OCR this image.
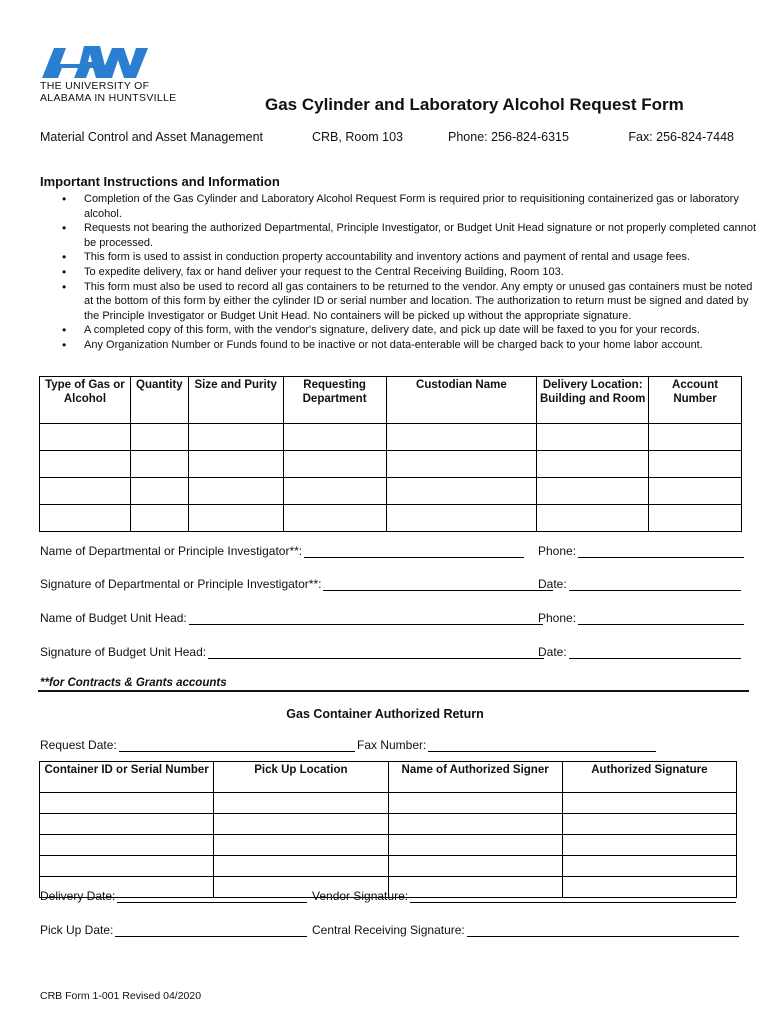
THE UNIVERSITY OF
ALABAMA IN HUNTSVILLE	Gas Cylinder and Laboratory Alcohol Request Form
Material Control and Asset Management	CRB, Room 103	Phone: 256-824-6315	Fax: 256-824-7448
Important Instructions and Information
• Completion of the Gas Cylinder and Laboratory Alcohol Request Form is required prior to requisitioning containerized gas or laboratory alcohol.
• Requests not bearing the authorized Departmental, Principle Investigator, or Budget Unit Head signature or not properly completed cannot be processed.
• This form is used to assist in conduction property accountability and inventory actions and payment of rental and usage fees.
• To expedite delivery, fax or hand deliver your request to the Central Receiving Building, Room 103.
• This form must also be used to record all gas containers to be returned to the vendor. Any empty or unused gas containers must be noted at the bottom of this form by either the cylinder ID or serial number and location. The authorization to return must be signed and dated by the Principle Investigator or Budget Unit Head. No containers will be picked up without the appropriate signature.
• A completed copy of this form, with the vendor's signature, delivery date, and pick up date will be faxed to you for your records.
• Any Organization Number or Funds found to be inactive or not data-enterable will be charged back to your home labor account.
Type of Gas or Alcohol	Quantity	Size and Purity	Requesting Department	Custodian Name	Delivery Location: Building and Room	Account Number

Name of Departmental or Principle Investigator**:	Phone:
Signature of Departmental or Principle Investigator**:	Date:
Name of Budget Unit Head:	Phone:
Signature of Budget Unit Head:	Date:
**for Contracts & Grants accounts
Gas Container Authorized Return
Request Date:	Fax Number:
Container ID or Serial Number	Pick Up Location	Name of Authorized Signer	Authorized Signature

Delivery Date:	Vendor Signature:
Pick Up Date:	Central Receiving Signature:
CRB Form 1-001 Revised 04/2020
